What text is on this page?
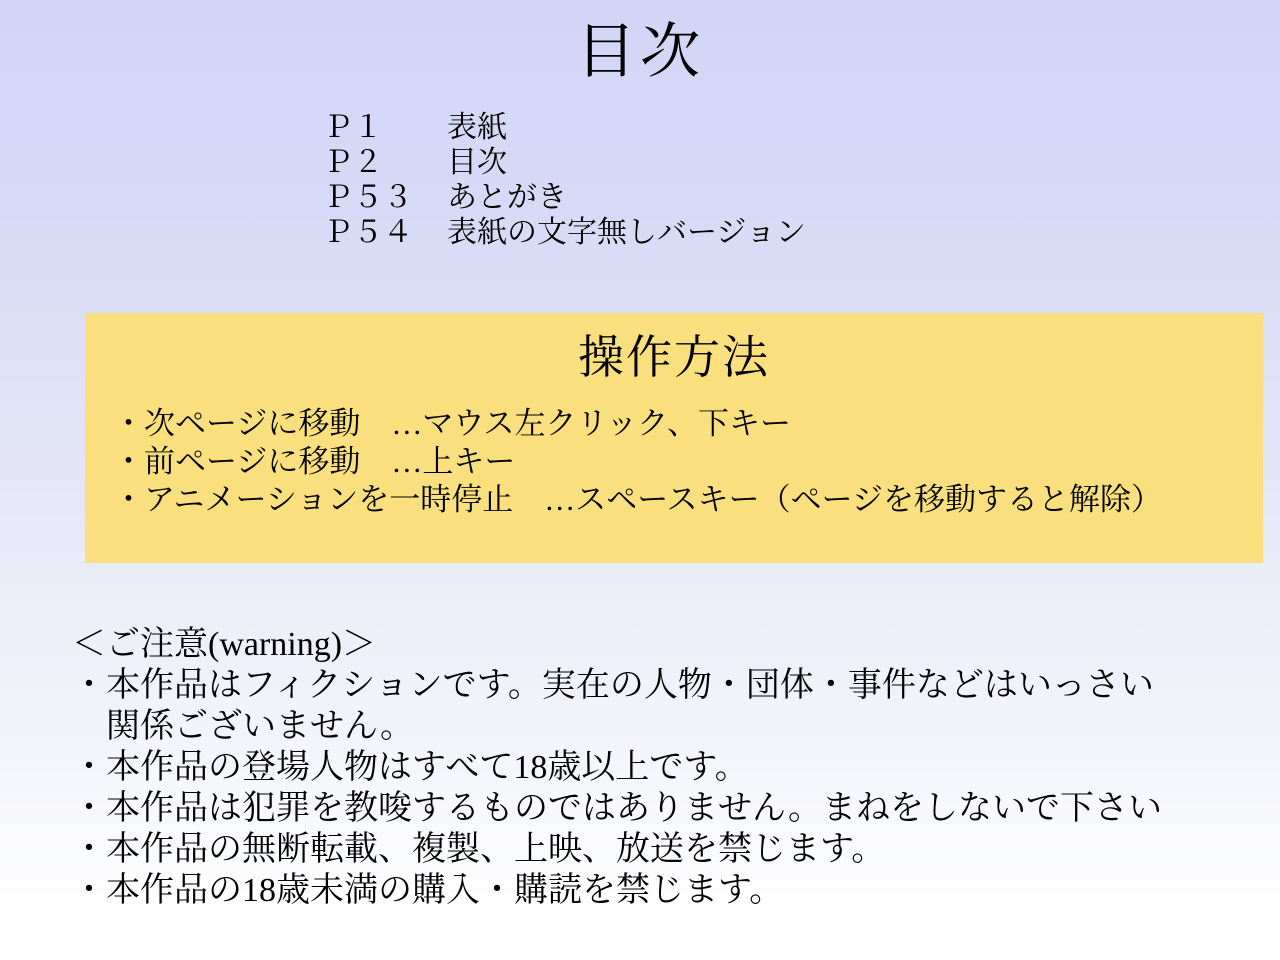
目次
Ｐ１	表紙
Ｐ２	目次
Ｐ５３	あとがき
Ｐ５４	表紙の文字無しバージョン
操作方法
・次ページに移動　…マウス左クリック、下キー
・前ページに移動　…上キー
・アニメーションを一時停止　…スペースキー（ページを移動すると解除）
＜ご注意(warning)＞
・本作品はフィクションです。実在の人物・団体・事件などはいっさい
　関係ございません。
・本作品の登場人物はすべて18歳以上です。
・本作品は犯罪を教唆するものではありません。まねをしないで下さい
・本作品の無断転載、複製、上映、放送を禁じます。
・本作品の18歳未満の購入・購読を禁じます。
